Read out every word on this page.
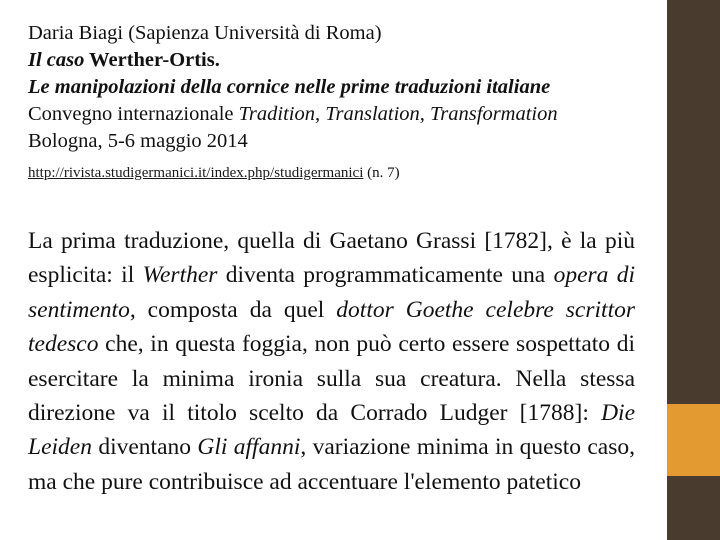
Daria Biagi (Sapienza Università di Roma)
Il caso Werther-Ortis.
Le manipolazioni della cornice nelle prime traduzioni italiane
Convegno internazionale Tradition, Translation, Transformation
Bologna, 5-6 maggio 2014
http://rivista.studigermanici.it/index.php/studigermanici (n. 7)
La prima traduzione, quella di Gaetano Grassi [1782], è la più esplicita: il Werther diventa programmaticamente una opera di sentimento, composta da quel dottor Goethe celebre scrittor tedesco che, in questa foggia, non può certo essere sospettato di esercitare la minima ironia sulla sua creatura. Nella stessa direzione va il titolo scelto da Corrado Ludger [1788]: Die Leiden diventano Gli affanni, variazione minima in questo caso, ma che pure contribuisce ad accentuare l'elemento patetico
